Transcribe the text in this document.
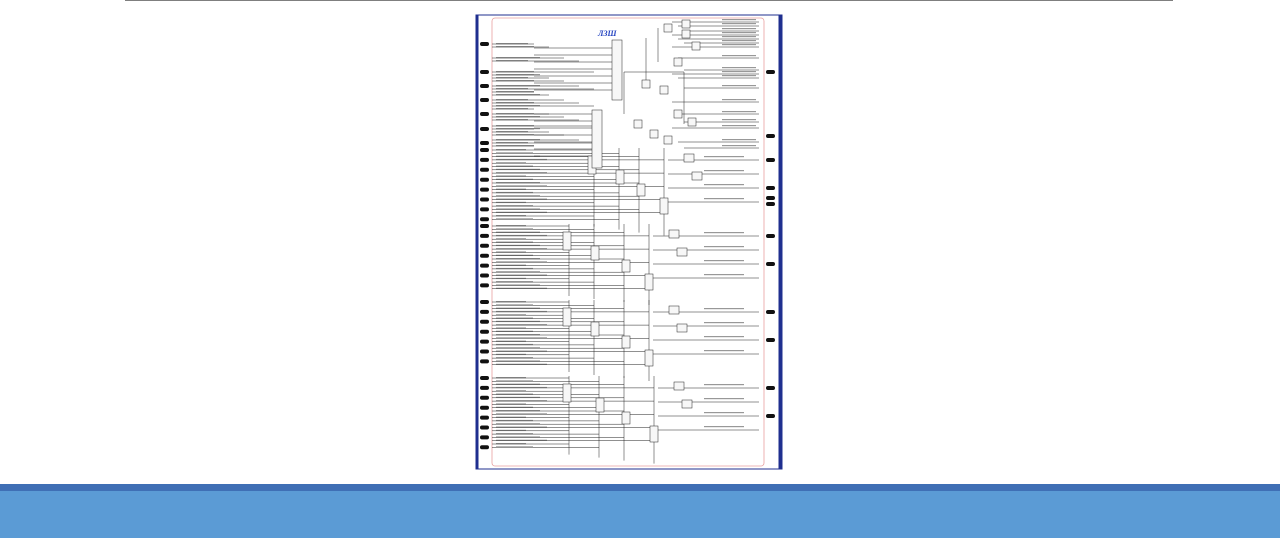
ЛЗШ
